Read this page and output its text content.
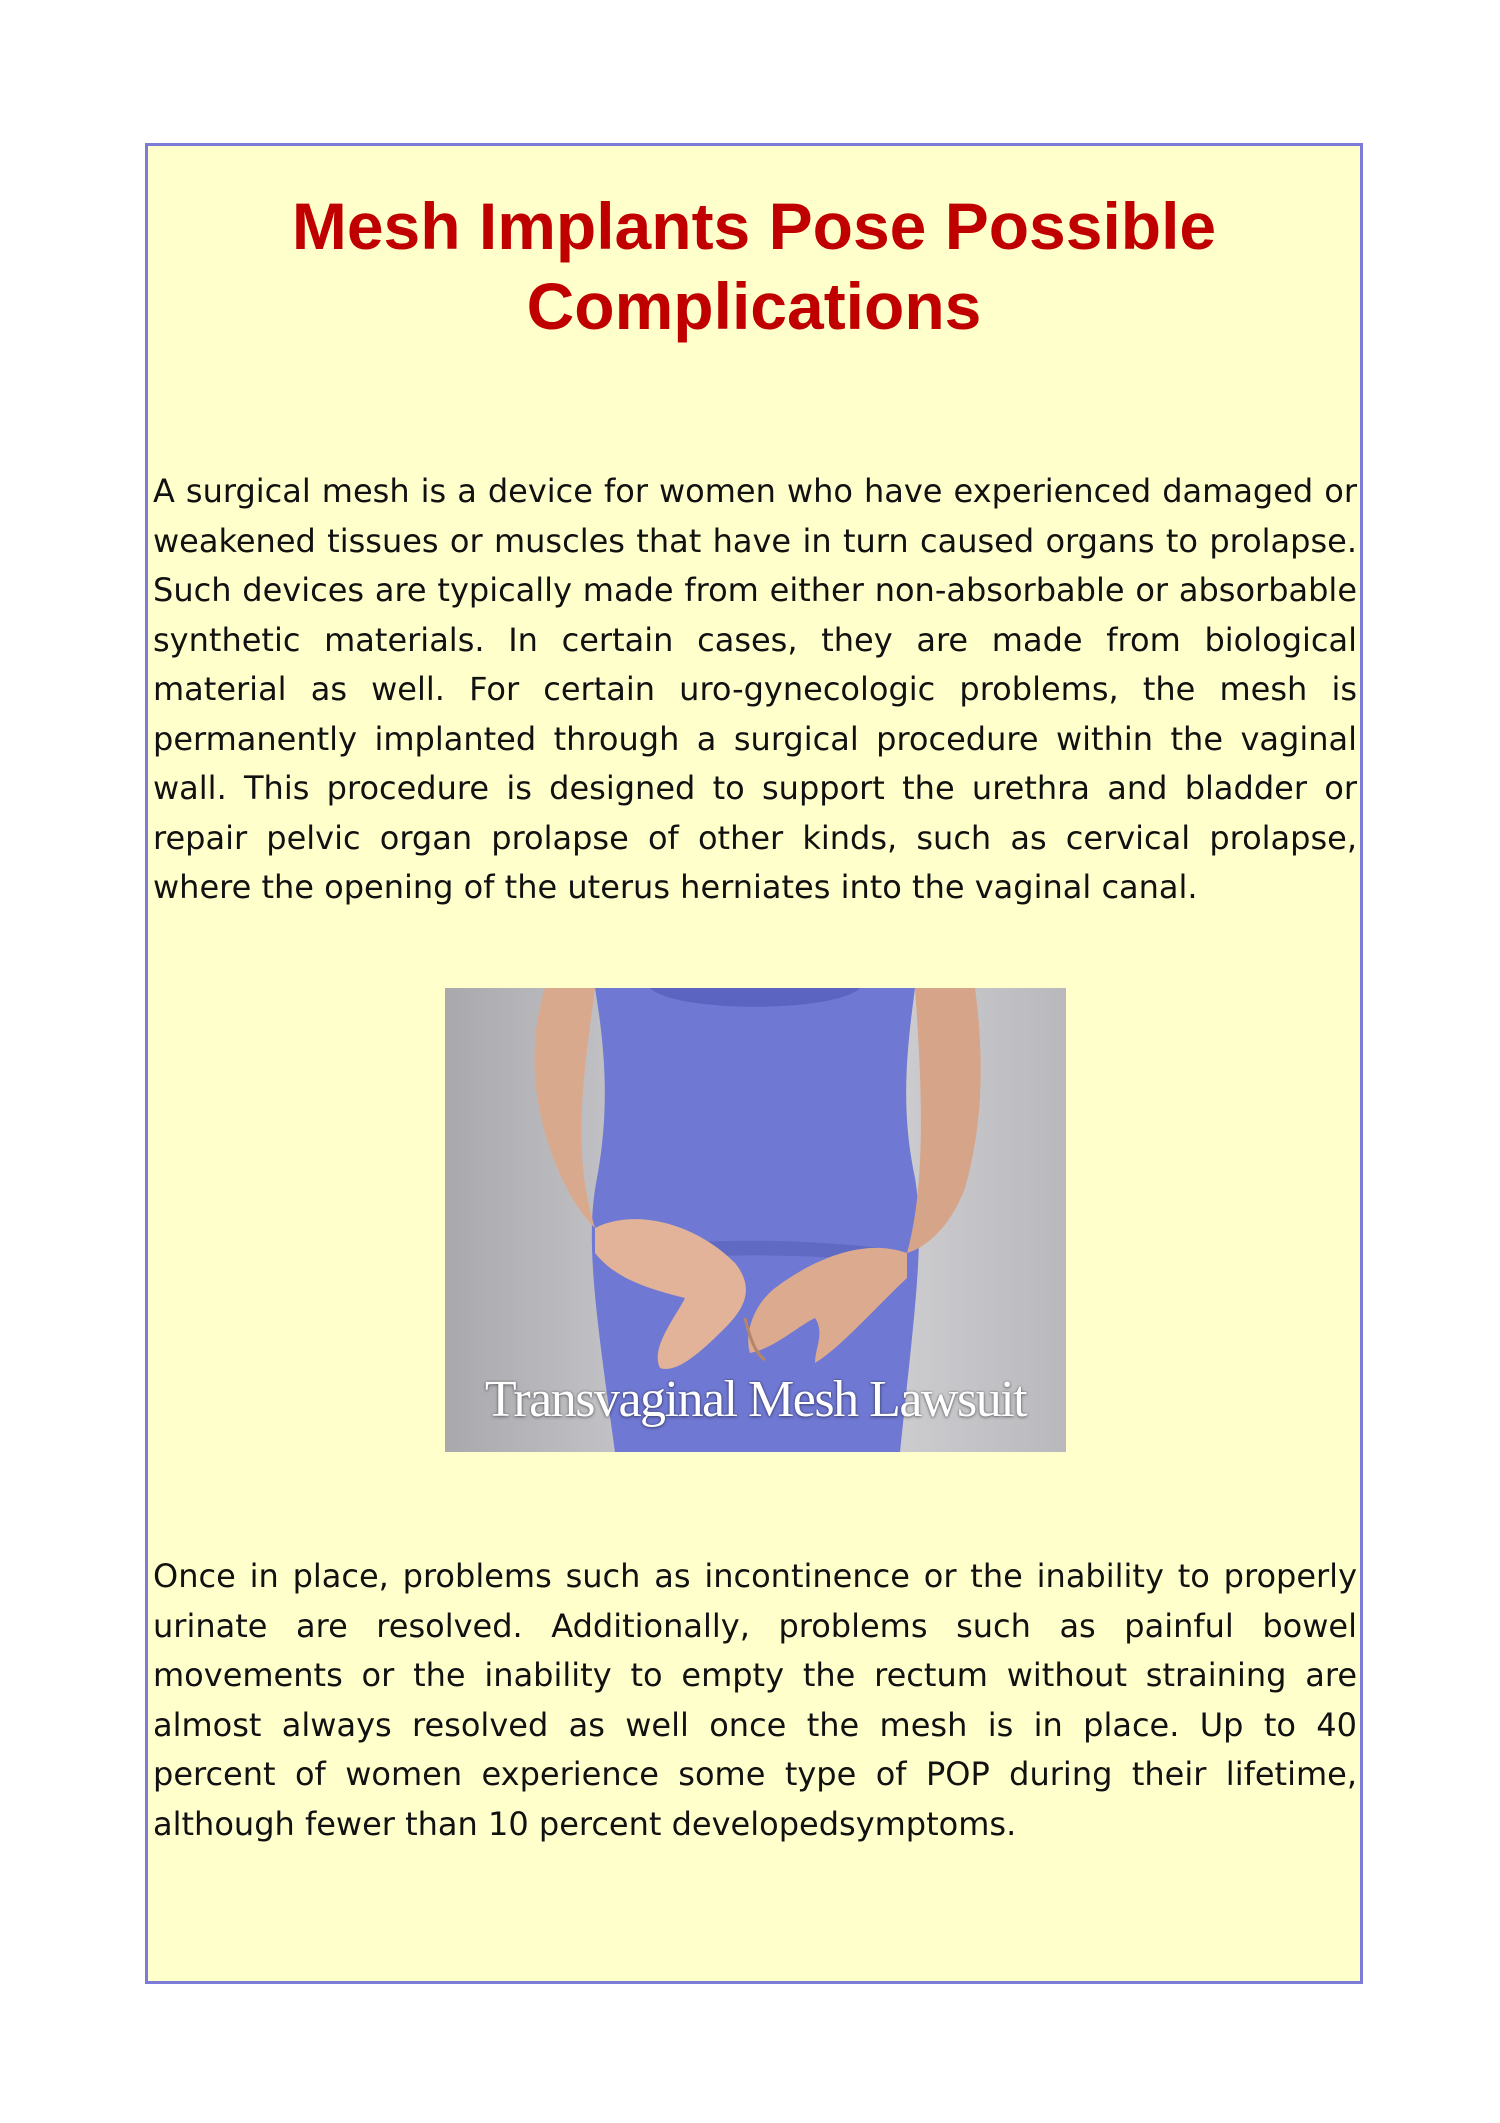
Mesh Implants Pose Possible Complications

A surgical mesh is a device for women who have experienced damaged or weakened tissues or muscles that have in turn caused organs to prolapse. Such devices are typically made from either non-absorbable or absorbable synthetic materials. In certain cases, they are made from biological material as well. For certain uro-gynecologic problems, the mesh is permanently implanted through a surgical procedure within the vaginal wall. This procedure is designed to support the urethra and bladder or repair pelvic organ prolapse of other kinds, such as cervical prolapse, where the opening of the uterus herniates into the vaginal canal.

Transvaginal Mesh Lawsuit

Once in place, problems such as incontinence or the inability to properly urinate are resolved. Additionally, problems such as painful bowel movements or the inability to empty the rectum without straining are almost always resolved as well once the mesh is in place. Up to 40 percent of women experience some type of POP during their lifetime, although fewer than 10 percent developedsymptoms.
